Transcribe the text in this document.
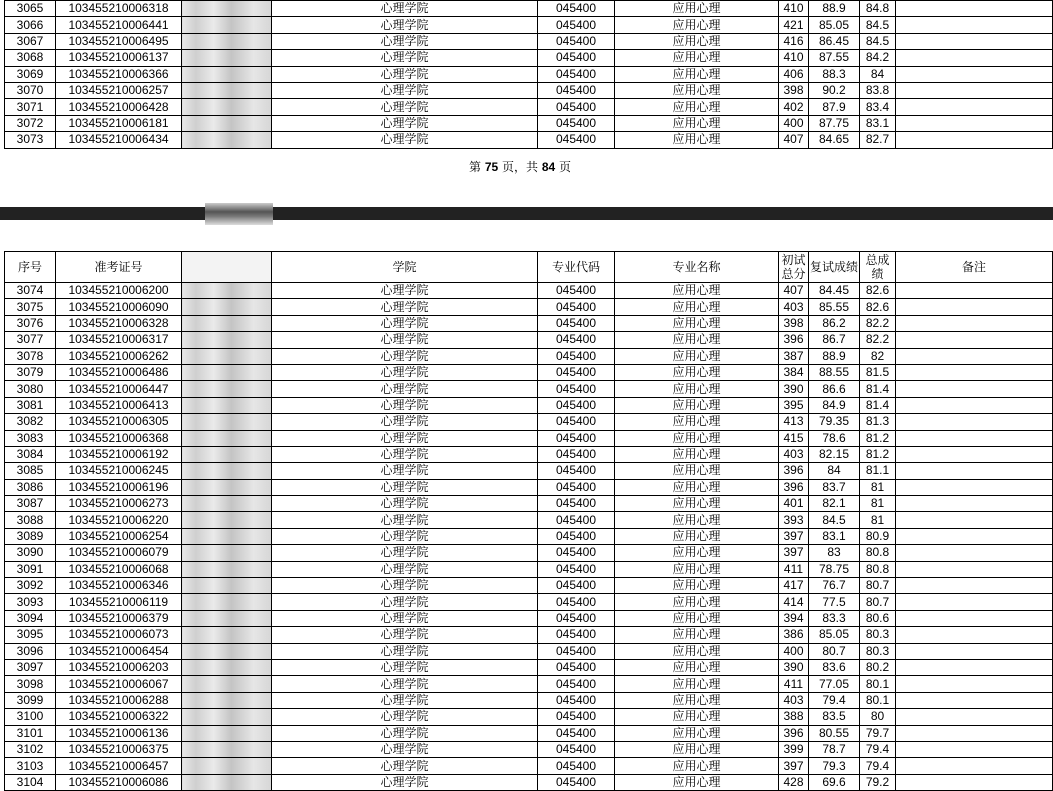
3065	103455210006318		心理学院	045400	应用心理	410	88.9	84.8	
3066	103455210006441		心理学院	045400	应用心理	421	85.05	84.5	
3067	103455210006495		心理学院	045400	应用心理	416	86.45	84.5	
3068	103455210006137		心理学院	045400	应用心理	410	87.55	84.2	
3069	103455210006366		心理学院	045400	应用心理	406	88.3	84	
3070	103455210006257		心理学院	045400	应用心理	398	90.2	83.8	
3071	103455210006428		心理学院	045400	应用心理	402	87.9	83.4	
3072	103455210006181		心理学院	045400	应用心理	400	87.75	83.1	
3073	103455210006434		心理学院	045400	应用心理	407	84.65	82.7	
第 75 页，共 84 页
序号	准考证号		学院	专业代码	专业名称	初试总分	复试成绩	总成绩	备注
3074	103455210006200		心理学院	045400	应用心理	407	84.45	82.6	
3075	103455210006090		心理学院	045400	应用心理	403	85.55	82.6	
3076	103455210006328		心理学院	045400	应用心理	398	86.2	82.2	
3077	103455210006317		心理学院	045400	应用心理	396	86.7	82.2	
3078	103455210006262		心理学院	045400	应用心理	387	88.9	82	
3079	103455210006486		心理学院	045400	应用心理	384	88.55	81.5	
3080	103455210006447		心理学院	045400	应用心理	390	86.6	81.4	
3081	103455210006413		心理学院	045400	应用心理	395	84.9	81.4	
3082	103455210006305		心理学院	045400	应用心理	413	79.35	81.3	
3083	103455210006368		心理学院	045400	应用心理	415	78.6	81.2	
3084	103455210006192		心理学院	045400	应用心理	403	82.15	81.2	
3085	103455210006245		心理学院	045400	应用心理	396	84	81.1	
3086	103455210006196		心理学院	045400	应用心理	396	83.7	81	
3087	103455210006273		心理学院	045400	应用心理	401	82.1	81	
3088	103455210006220		心理学院	045400	应用心理	393	84.5	81	
3089	103455210006254		心理学院	045400	应用心理	397	83.1	80.9	
3090	103455210006079		心理学院	045400	应用心理	397	83	80.8	
3091	103455210006068		心理学院	045400	应用心理	411	78.75	80.8	
3092	103455210006346		心理学院	045400	应用心理	417	76.7	80.7	
3093	103455210006119		心理学院	045400	应用心理	414	77.5	80.7	
3094	103455210006379		心理学院	045400	应用心理	394	83.3	80.6	
3095	103455210006073		心理学院	045400	应用心理	386	85.05	80.3	
3096	103455210006454		心理学院	045400	应用心理	400	80.7	80.3	
3097	103455210006203		心理学院	045400	应用心理	390	83.6	80.2	
3098	103455210006067		心理学院	045400	应用心理	411	77.05	80.1	
3099	103455210006288		心理学院	045400	应用心理	403	79.4	80.1	
3100	103455210006322		心理学院	045400	应用心理	388	83.5	80	
3101	103455210006136		心理学院	045400	应用心理	396	80.55	79.7	
3102	103455210006375		心理学院	045400	应用心理	399	78.7	79.4	
3103	103455210006457		心理学院	045400	应用心理	397	79.3	79.4	
3104	103455210006086		心理学院	045400	应用心理	428	69.6	79.2	
